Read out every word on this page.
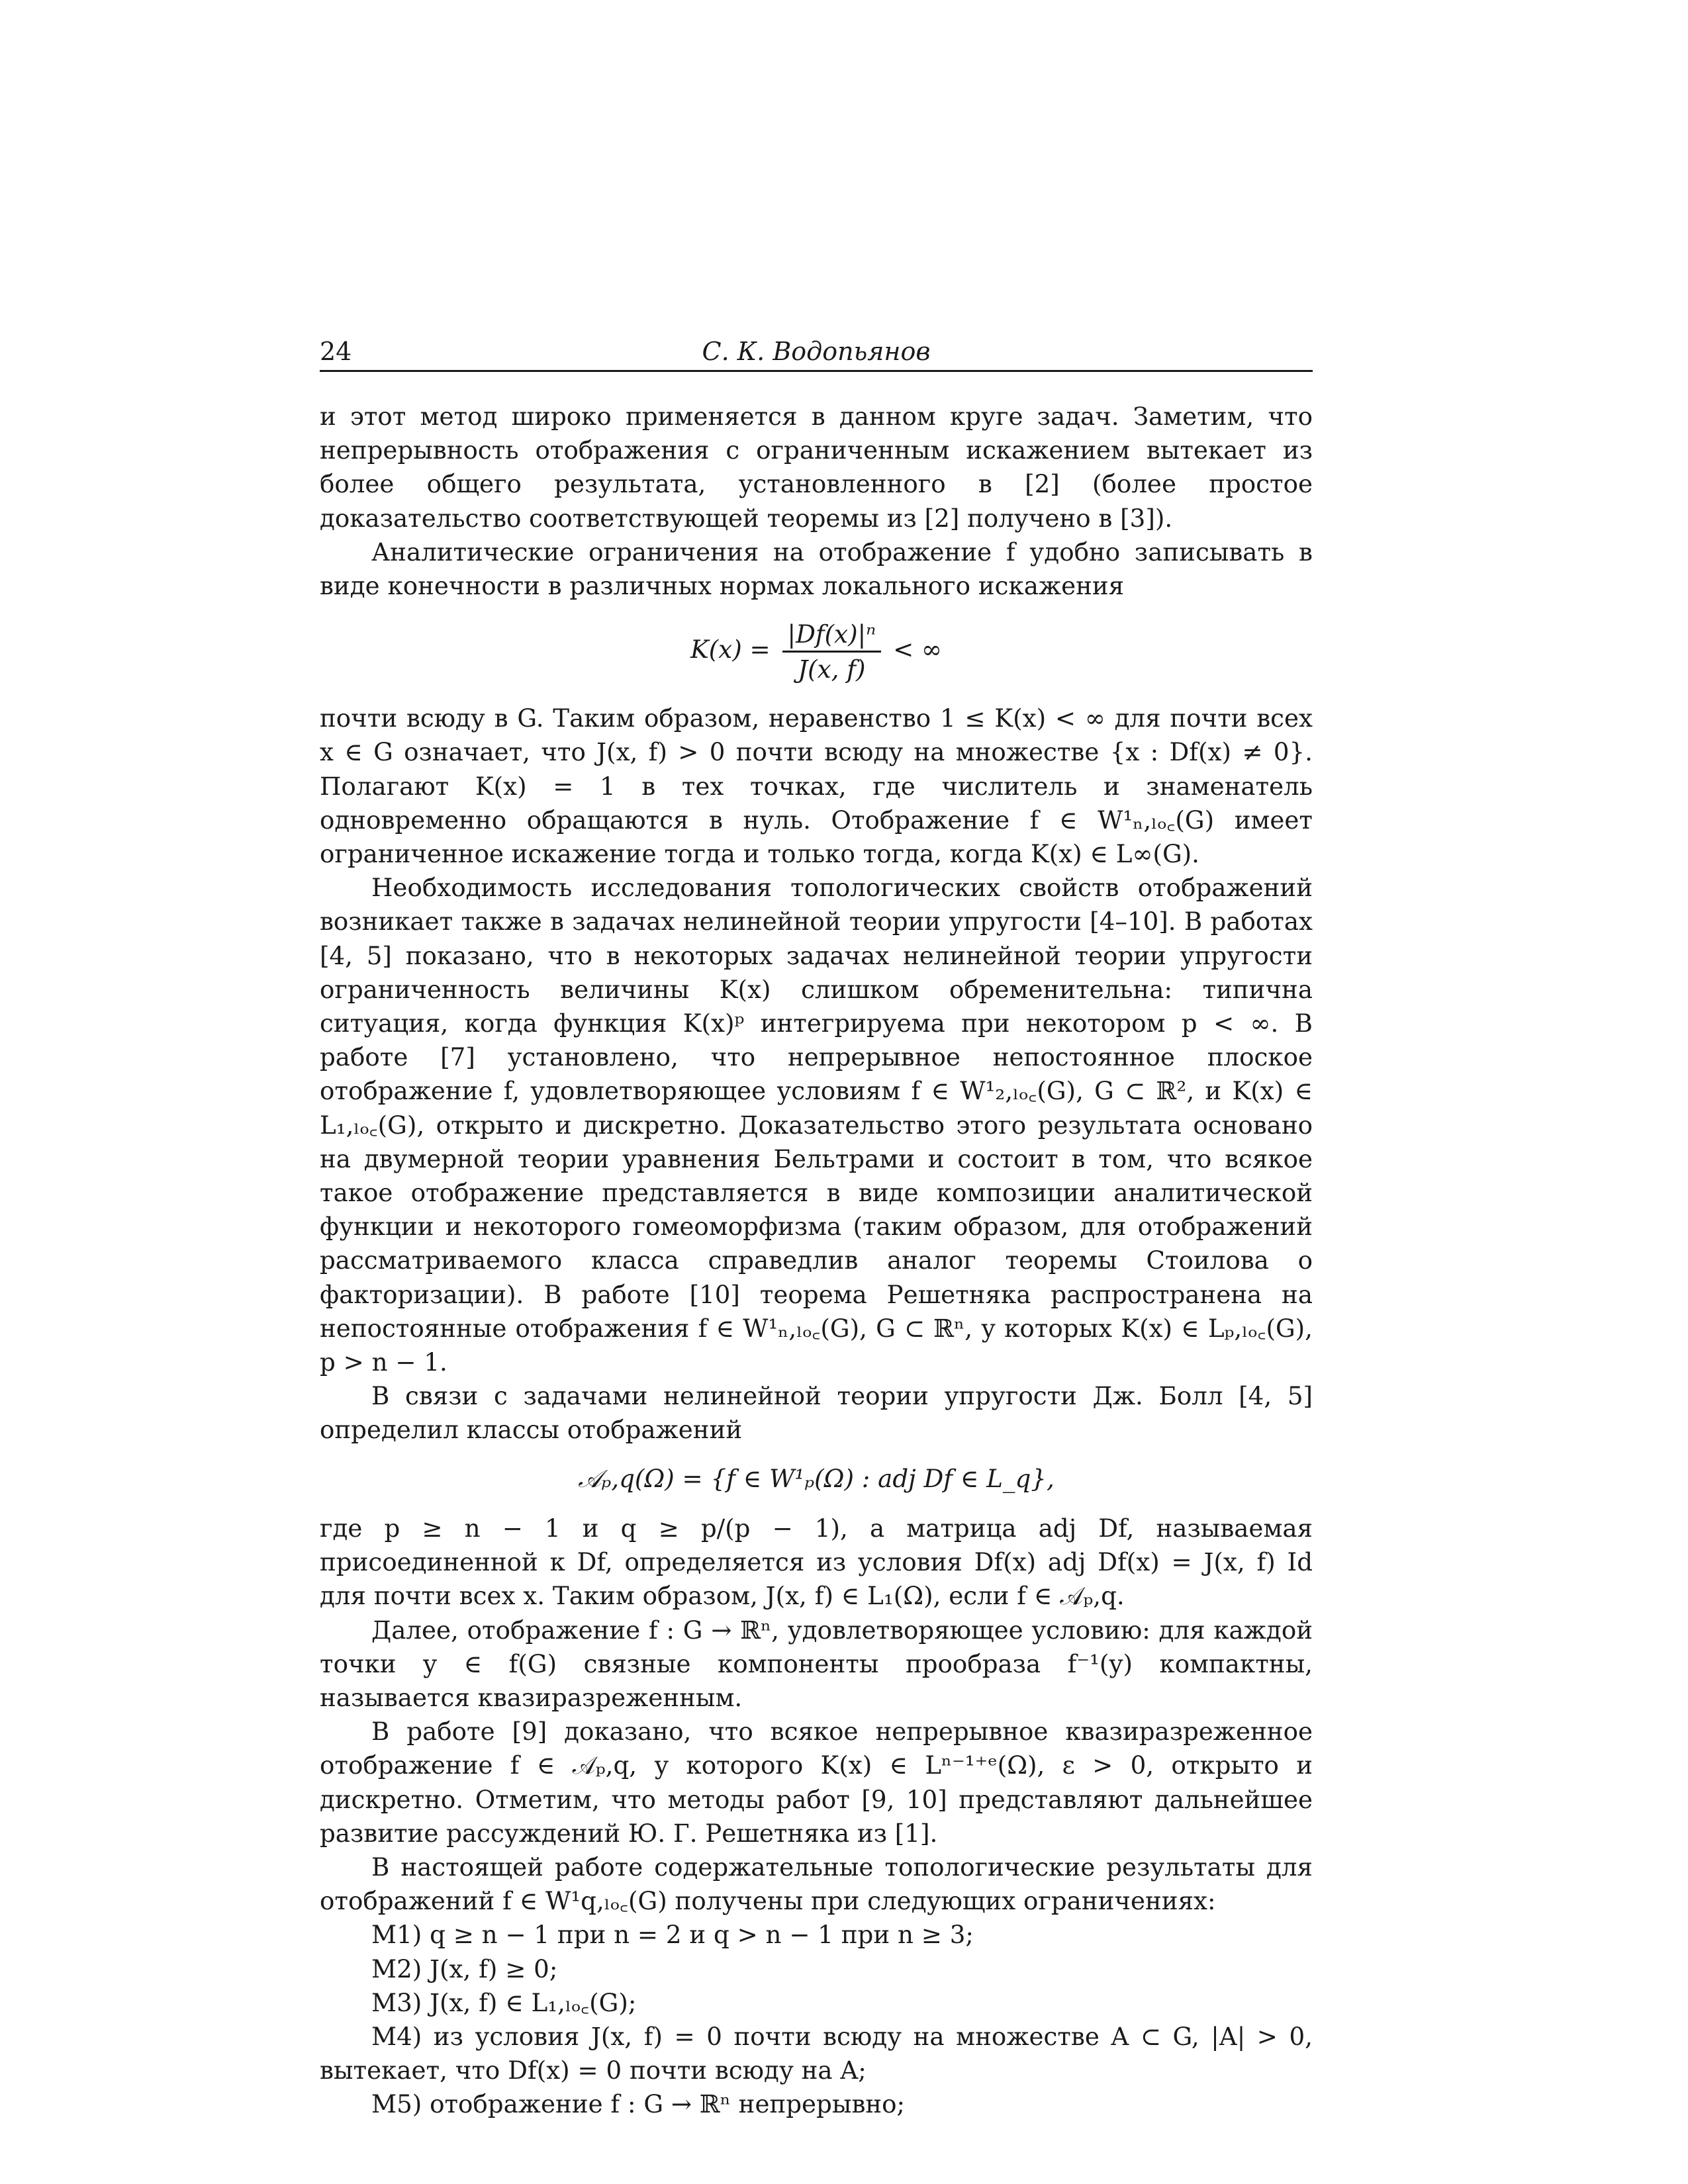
24	С. К. Водопьянов

и этот метод широко применяется в данном круге задач. Заметим, что непрерывность отображения с ограниченным искажением вытекает из более общего результата, установленного в [2] (более простое доказательство соответствующей теоремы из [2] получено в [3]).

Аналитические ограничения на отображение f удобно записывать в виде конечности в различных нормах локального искажения

$K(x) = \frac{\text{|Df(x)|ⁿ}}{J(x, f)}$ < ∞

почти всюду в G. Таким образом, неравенство 1 ≤ K(x) < ∞ для почти всех x ∈ G означает, что J(x, f) > 0 почти всюду на множестве {x : Df(x) ≠ 0}. Полагают K(x) = 1 в тех точках, где числитель и знаменатель одновременно обращаются в нуль. Отображение f ∈ W¹ₙ,ₗₒ꜀(G) имеет ограниченное искажение тогда и только тогда, когда K(x) ∈ L∞(G).

Необходимость исследования топологических свойств отображений возникает также в задачах нелинейной теории упругости [4–10]. В работах [4, 5] показано, что в некоторых задачах нелинейной теории упругости ограниченность величины K(x) слишком обременительна: типична ситуация, когда функция K(x)ᵖ интегрируема при некотором p < ∞. В работе [7] установлено, что непрерывное непостоянное плоское отображение f, удовлетворяющее условиям f ∈ W¹₂,ₗₒ꜀(G), G ⊂ ℝ², и K(x) ∈ L₁,ₗₒ꜀(G), открыто и дискретно. Доказательство этого результата основано на двумерной теории уравнения Бельтрами и состоит в том, что всякое такое отображение представляется в виде композиции аналитической функции и некоторого гомеоморфизма (таким образом, для отображений рассматриваемого класса справедлив аналог теоремы Стоилова о факторизации). В работе [10] теорема Решетняка распространена на непостоянные отображения f ∈ W¹ₙ,ₗₒ꜀(G), G ⊂ ℝⁿ, у которых K(x) ∈ Lₚ,ₗₒ꜀(G), p > n − 1.

В связи с задачами нелинейной теории упругости Дж. Болл [4, 5] определил классы отображений

𝒜ₚ,q(Ω) = {f ∈ W¹ₚ(Ω) : adj Df ∈ L_q},

где p ≥ n − 1 и q ≥ p/(p − 1), а матрица adj Df, называемая присоединенной к Df, определяется из условия Df(x) adj Df(x) = J(x, f) Id для почти всех x. Таким образом, J(x, f) ∈ L₁(Ω), если f ∈ 𝒜ₚ,q.

Далее, отображение f : G → ℝⁿ, удовлетворяющее условию: для каждой точки y ∈ f(G) связные компоненты прообраза f⁻¹(y) компактны, называется квазиразреженным.

В работе [9] доказано, что всякое непрерывное квазиразреженное отображение f ∈ 𝒜ₚ,q, у которого K(x) ∈ Lⁿ⁻¹⁺ᵉ(Ω), ε > 0, открыто и дискретно. Отметим, что методы работ [9, 10] представляют дальнейшее развитие рассуждений Ю. Г. Решетняка из [1].

В настоящей работе содержательные топологические результаты для отображений f ∈ W¹q,ₗₒ꜀(G) получены при следующих ограничениях:

M1) q ≥ n − 1 при n = 2 и q > n − 1 при n ≥ 3;

M2) J(x, f) ≥ 0;

M3) J(x, f) ∈ L₁,ₗₒ꜀(G);

M4) из условия J(x, f) = 0 почти всюду на множестве A ⊂ G, |A| > 0, вытекает, что Df(x) = 0 почти всюду на A;

M5) отображение f : G → ℝⁿ непрерывно;
